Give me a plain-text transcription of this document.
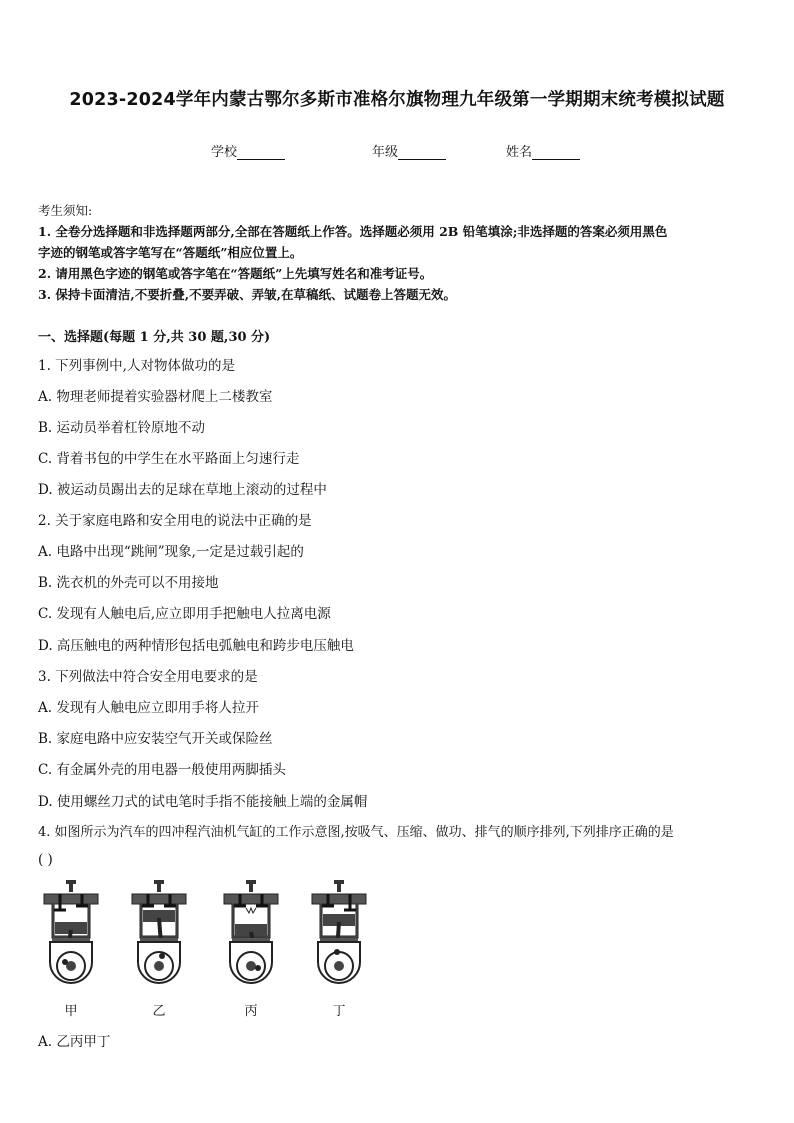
2023-2024学年内蒙古鄂尔多斯市准格尔旗物理九年级第一学期期末统考模拟试题
学校	年级	姓名
考生须知:
1. 全卷分选择题和非选择题两部分,全部在答题纸上作答。选择题必须用 2B 铅笔填涂;非选择题的答案必须用黑色
字迹的钢笔或答字笔写在“答题纸”相应位置上。
2. 请用黑色字迹的钢笔或答字笔在“答题纸”上先填写姓名和准考证号。
3. 保持卡面清洁,不要折叠,不要弄破、弄皱,在草稿纸、试题卷上答题无效。
一、选择题(每题 1 分,共 30 题,30 分)
1. 下列事例中,人对物体做功的是
A. 物理老师提着实验器材爬上二楼教室
B. 运动员举着杠铃原地不动
C. 背着书包的中学生在水平路面上匀速行走
D. 被运动员踢出去的足球在草地上滚动的过程中
2. 关于家庭电路和安全用电的说法中正确的是
A. 电路中出现“跳闸”现象,一定是过载引起的
B. 洗衣机的外壳可以不用接地
C. 发现有人触电后,应立即用手把触电人拉离电源
D. 高压触电的两种情形包括电弧触电和跨步电压触电
3. 下列做法中符合安全用电要求的是
A. 发现有人触电应立即用手将人拉开
B. 家庭电路中应安装空气开关或保险丝
C. 有金属外壳的用电器一般使用两脚插头
D. 使用螺丝刀式的试电笔时手指不能接触上端的金属帽
4. 如图所示为汽车的四冲程汽油机气缸的工作示意图,按吸气、压缩、做功、排气的顺序排列,下列排序正确的是
( )
甲	乙	丙	丁
A. 乙丙甲丁
